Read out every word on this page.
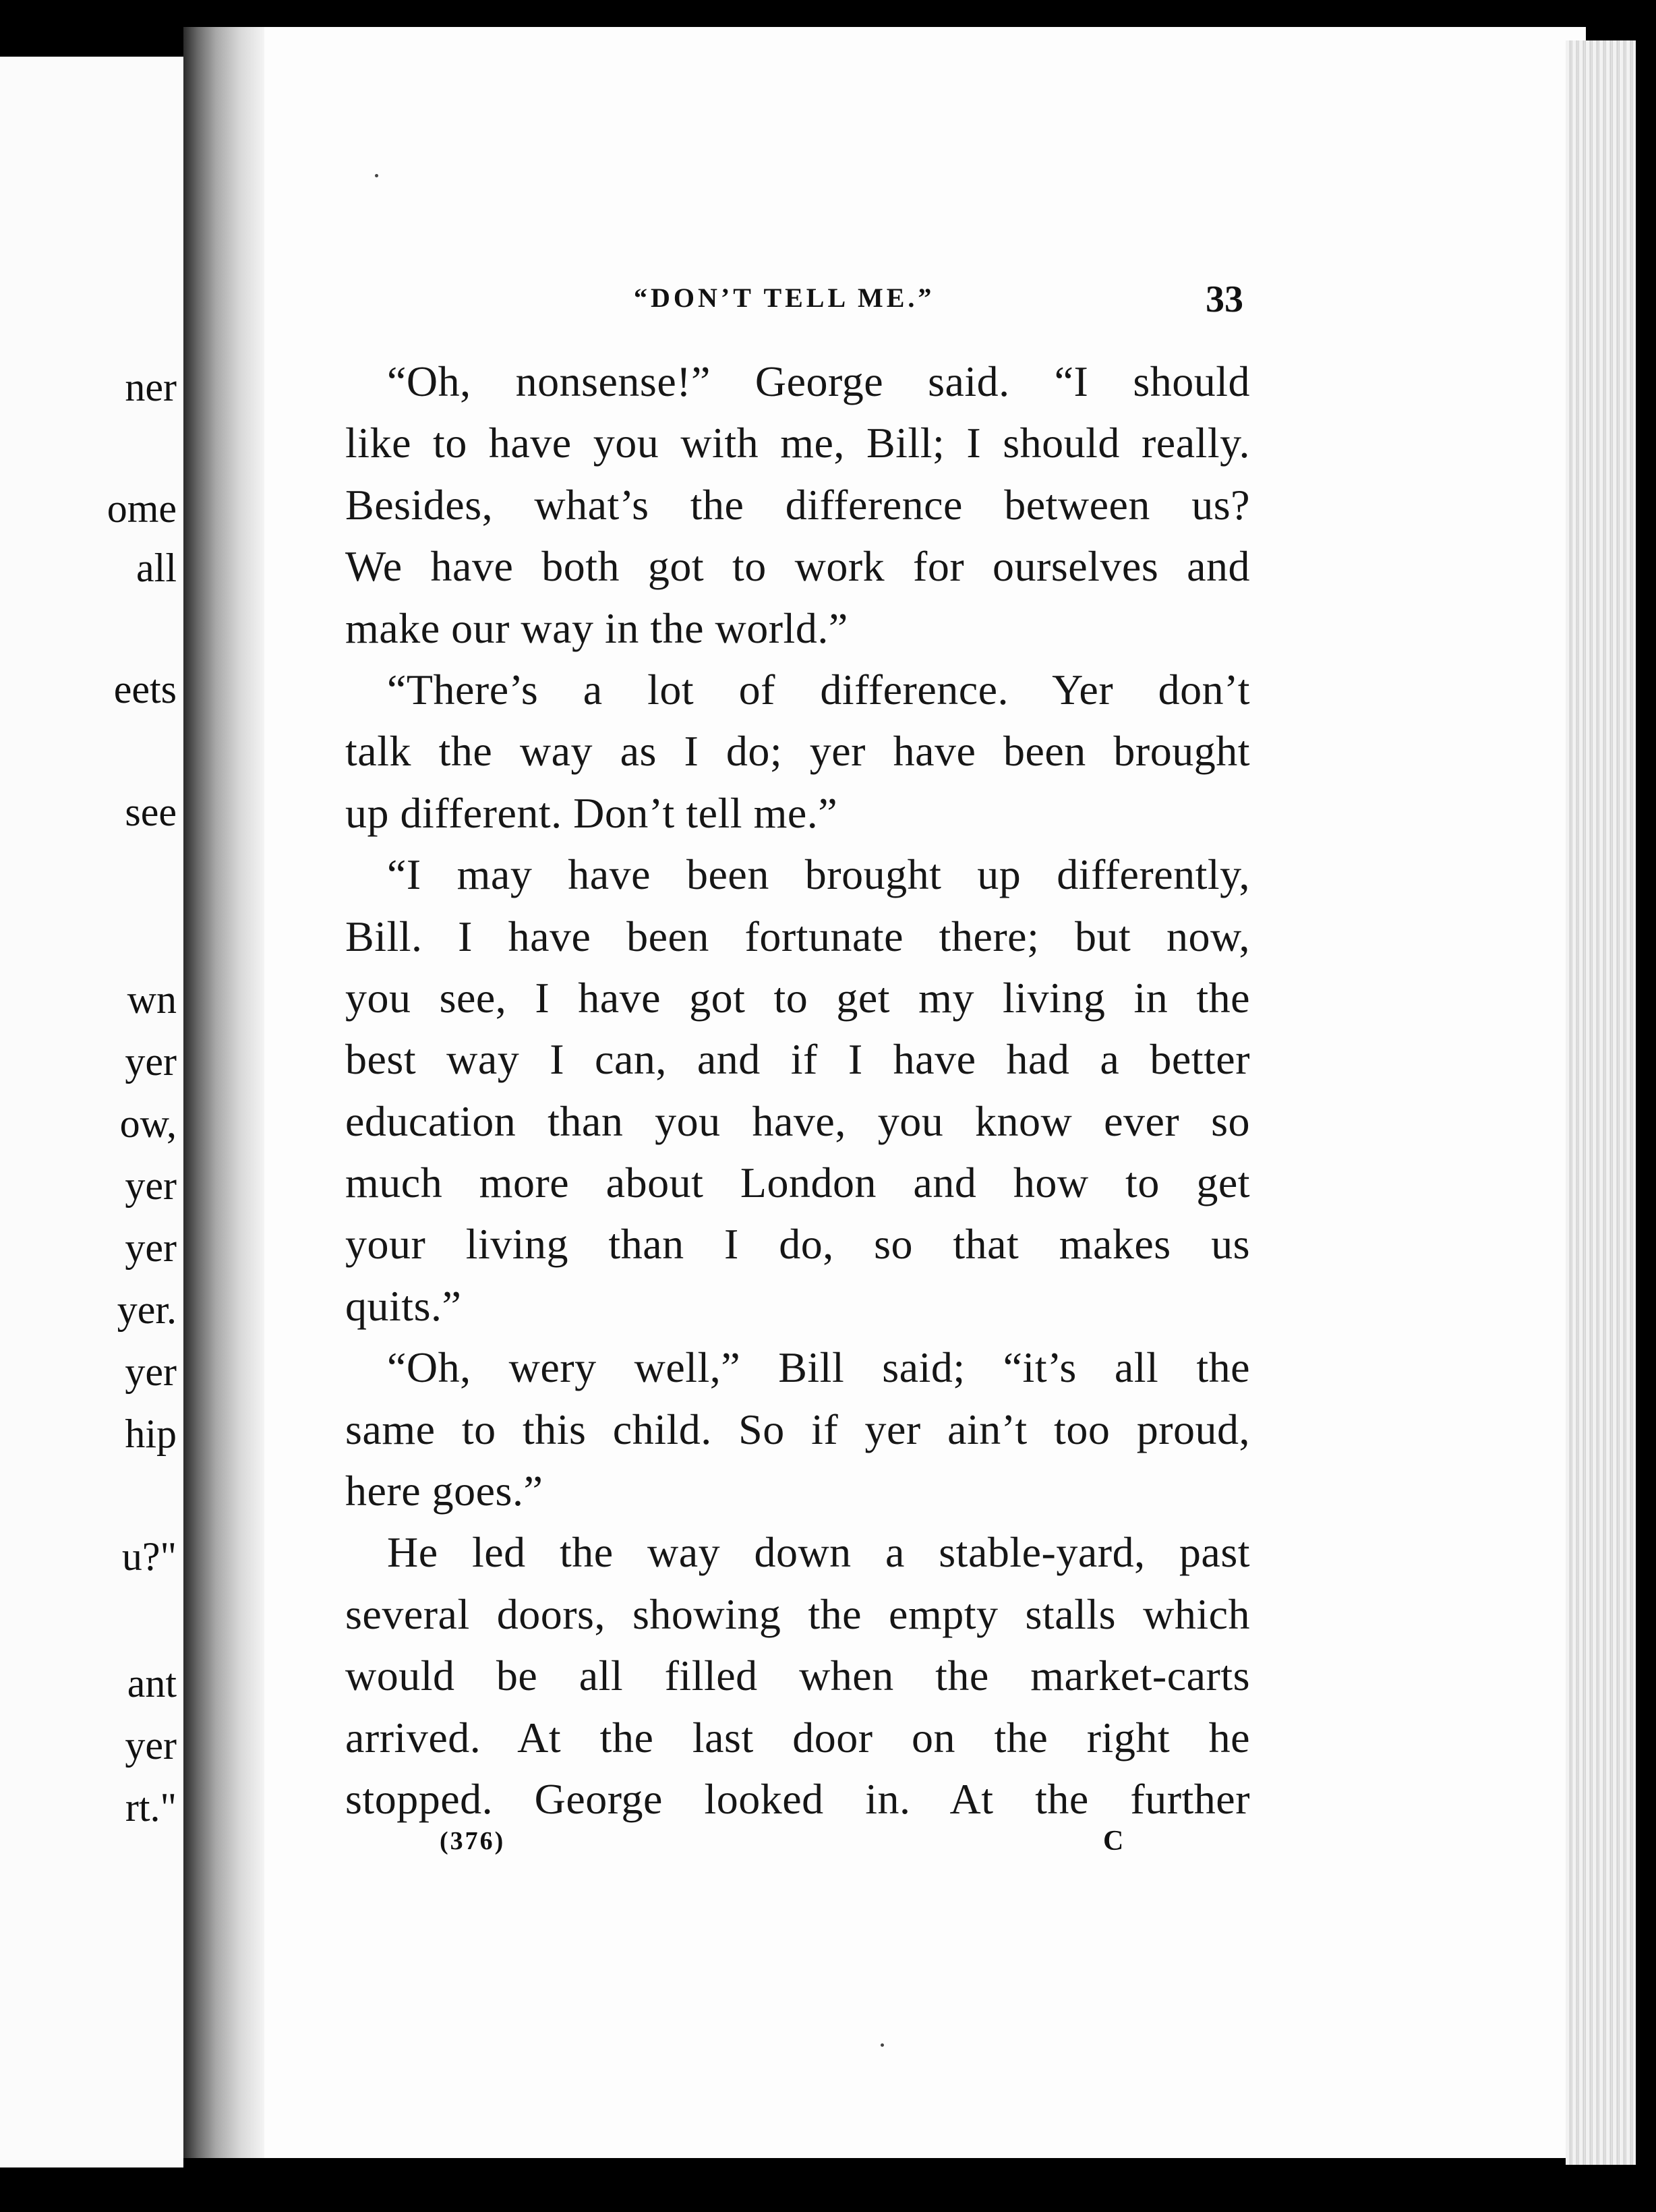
ner
ome
all
eets
see
wn
yer
ow,
yer
yer
yer.
yer
hip
u?"
ant
yer
rt."
“DON’T TELL ME.”	33
“Oh, nonsense!” George said. “I should
like to have you with me, Bill; I should really.
Besides, what’s the difference between us?
We have both got to work for ourselves and
make our way in the world.”
“There’s a lot of difference. Yer don’t
talk the way as I do; yer have been brought
up different. Don’t tell me.”
“I may have been brought up differently,
Bill. I have been fortunate there; but now,
you see, I have got to get my living in the
best way I can, and if I have had a better
education than you have, you know ever so
much more about London and how to get
your living than I do, so that makes us
quits.”
“Oh, wery well,” Bill said; “it’s all the
same to this child. So if yer ain’t too proud,
here goes.”
He led the way down a stable-yard, past
several doors, showing the empty stalls which
would be all filled when the market-carts
arrived. At the last door on the right he
stopped. George looked in. At the further
(376)	C
